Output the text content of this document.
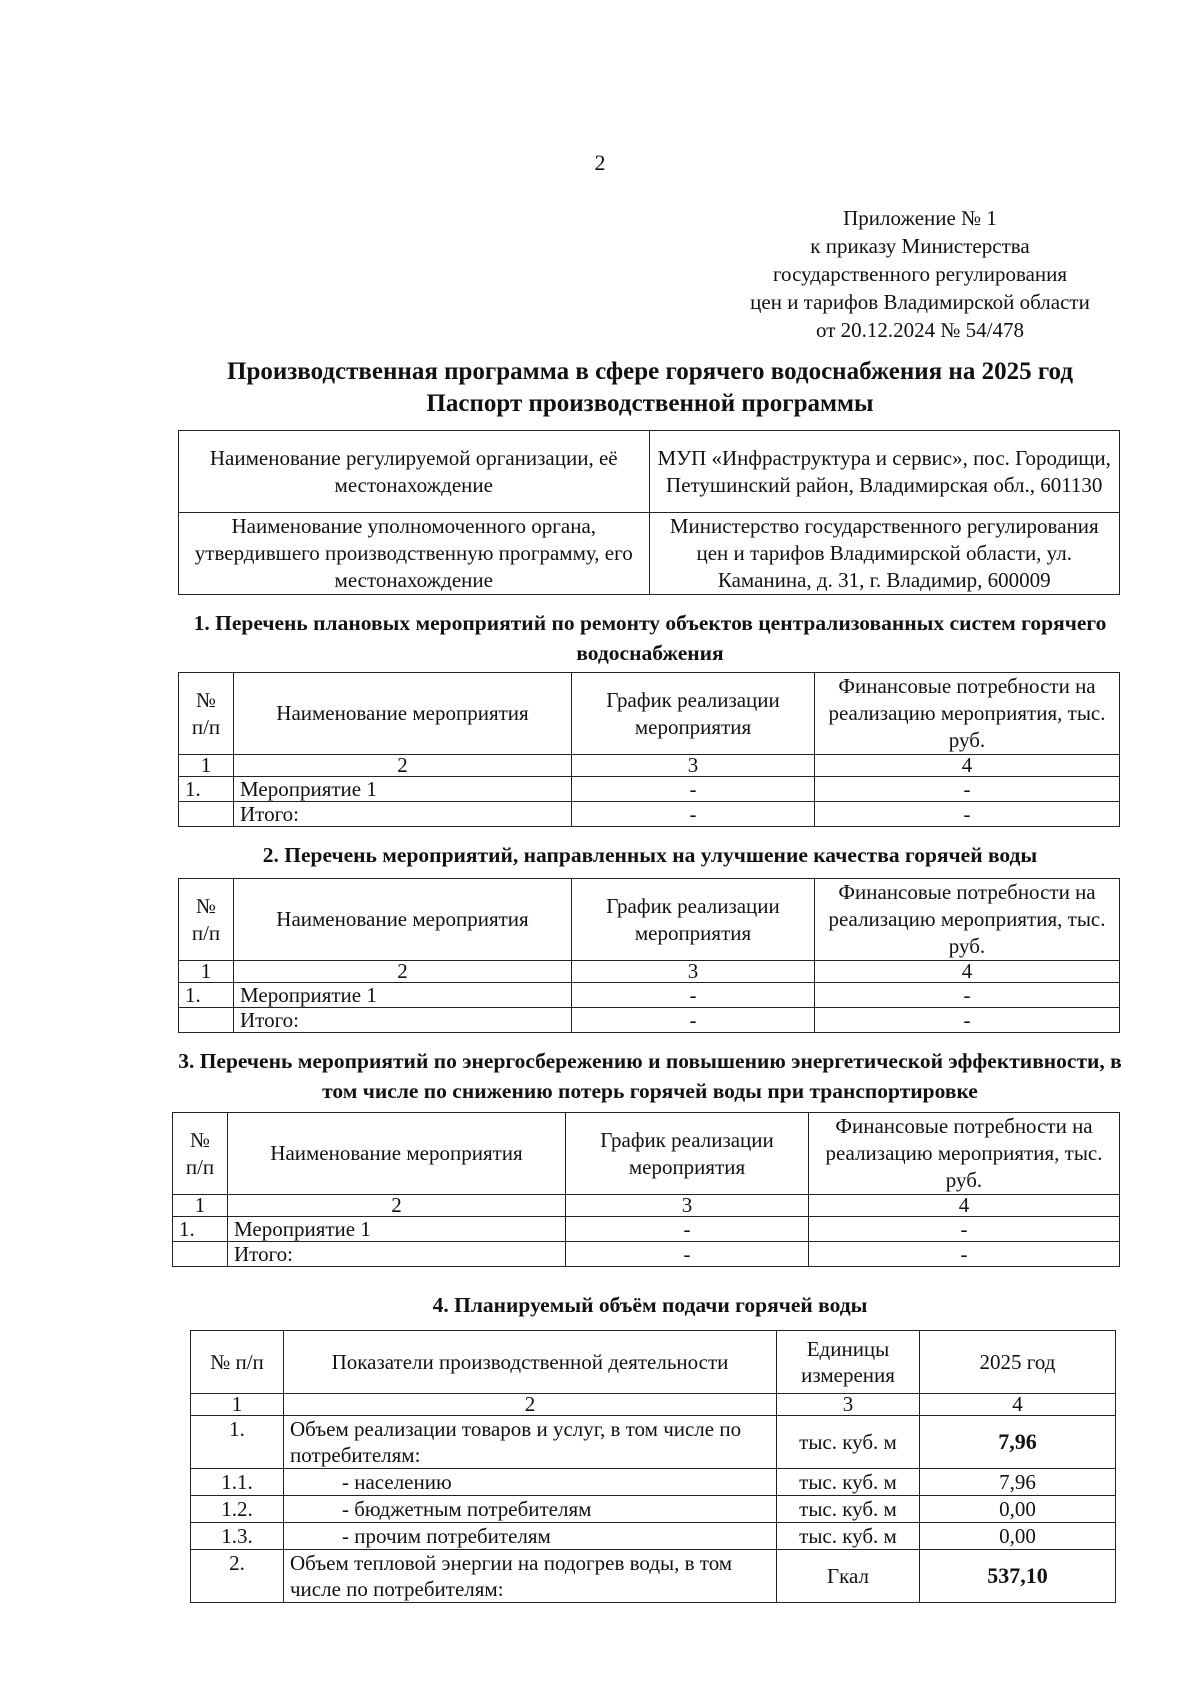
2
Приложение № 1
к приказу Министерства
государственного регулирования
цен и тарифов Владимирской области
от 20.12.2024 № 54/478
Производственная программа в сфере горячего водоснабжения на 2025 год
Паспорт производственной программы
Наименование регулируемой организации, её местонахождение	МУП «Инфраструктура и сервис», пос. Городищи, Петушинский район, Владимирская обл., 601130
Наименование уполномоченного органа, утвердившего производственную программу, его местонахождение	Министерство государственного регулирования цен и тарифов Владимирской области, ул. Каманина, д. 31, г. Владимир, 600009
1. Перечень плановых мероприятий по ремонту объектов централизованных систем горячего водоснабжения
№ п/п	Наименование мероприятия	График реализации мероприятия	Финансовые потребности на реализацию мероприятия, тыс. руб.
1	2	3	4
1.	Мероприятие 1	-	-
	Итого:	-	-
2. Перечень мероприятий, направленных на улучшение качества горячей воды
№ п/п	Наименование мероприятия	График реализации мероприятия	Финансовые потребности на реализацию мероприятия, тыс. руб.
1	2	3	4
1.	Мероприятие 1	-	-
	Итого:	-	-
3. Перечень мероприятий по энергосбережению и повышению энергетической эффективности, в том числе по снижению потерь горячей воды при транспортировке
№ п/п	Наименование мероприятия	График реализации мероприятия	Финансовые потребности на реализацию мероприятия, тыс. руб.
1	2	3	4
1.	Мероприятие 1	-	-
	Итого:	-	-
4. Планируемый объём подачи горячей воды
№ п/п	Показатели производственной деятельности	Единицы измерения	2025 год
1	2	3	4
1.	Объем реализации товаров и услуг, в том числе по потребителям:	тыс. куб. м	7,96
1.1.	- населению	тыс. куб. м	7,96
1.2.	- бюджетным потребителям	тыс. куб. м	0,00
1.3.	- прочим потребителям	тыс. куб. м	0,00
2.	Объем тепловой энергии на подогрев воды, в том числе по потребителям:	Гкал	537,10
